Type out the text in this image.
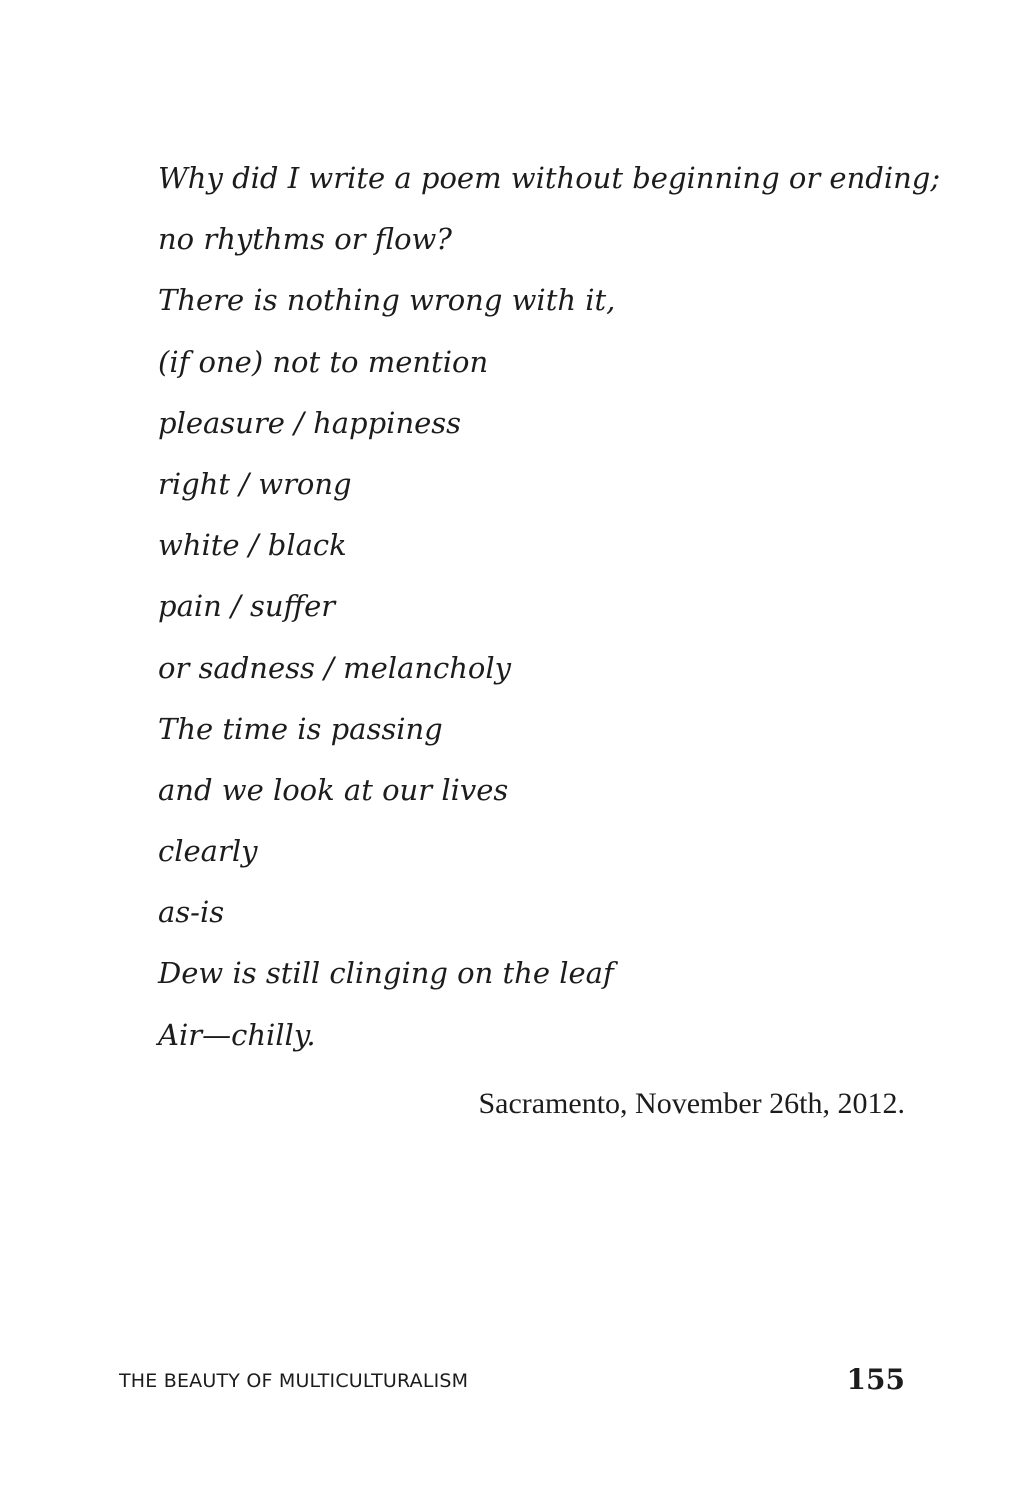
Why did I write a poem without beginning or ending;
no rhythms or flow?
There is nothing wrong with it,
(if one) not to mention
pleasure / happiness
right / wrong
white / black
pain / suffer
or sadness / melancholy
The time is passing
and we look at our lives
clearly
as-is
Dew is still clinging on the leaf
Air—chilly.
Sacramento, November 26th, 2012.
THE BEAUTY OF MULTICULTURALISM	155
